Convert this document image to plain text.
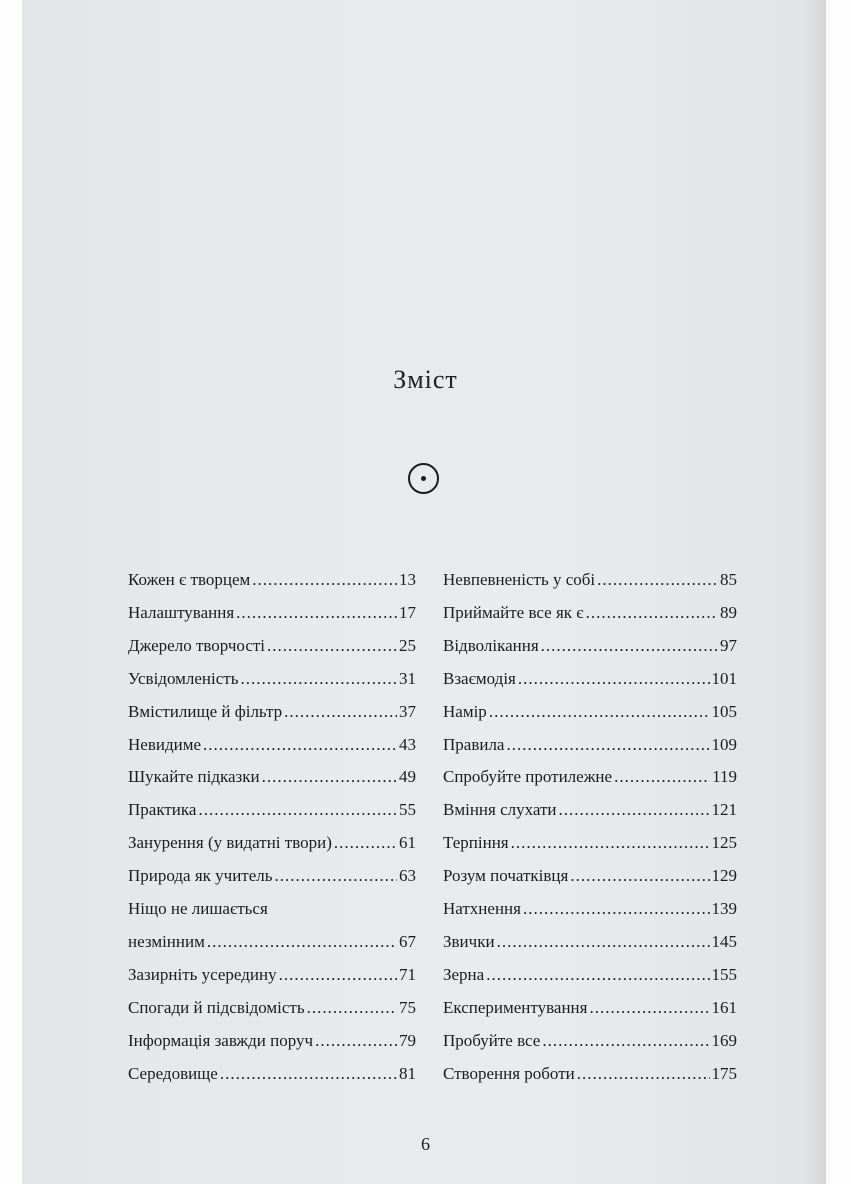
Зміст
Кожен є творцем .....	13
Налаштування .....	17
Джерело творчості .....	25
Усвідомленість .....	31
Вмістилище й фільтр .....	37
Невидиме .....	43
Шукайте підказки .....	49
Практика .....	55
Занурення (у видатні твори) .....	61
Природа як учитель .....	63
Ніщо не лишається
незмінним .....	67
Зазирніть усередину .....	71
Спогади й підсвідомість .....	75
Інформація завжди поруч .....	79
Середовище .....	81
Невпевненість у собі .....	85
Приймайте все як є .....	89
Відволікання .....	97
Взаємодія .....	101
Намір .....	105
Правила .....	109
Спробуйте протилежне .....	119
Вміння слухати .....	121
Терпіння .....	125
Розум початківця .....	129
Натхнення .....	139
Звички .....	145
Зерна .....	155
Експериментування .....	161
Пробуйте все .....	169
Створення роботи .....	175
6
